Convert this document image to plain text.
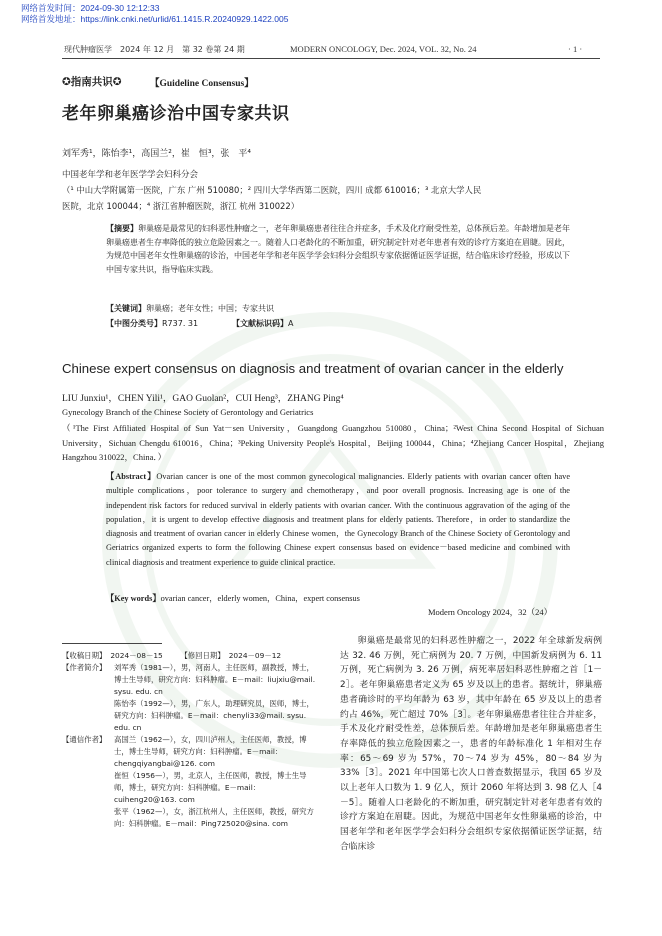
网络首发时间：2024-09-30 12:12:33
网络首发地址：https://link.cnki.net/urlid/61.1415.R.20240929.1422.005
现代肿瘤医学　2024 年 12 月　第 32 卷第 24 期	MODERN ONCOLOGY, Dec. 2024, VOL. 32, No. 24	· 1 ·
✪指南共识✪	【Guideline Consensus】
老年卵巢癌诊治中国专家共识
刘军秀¹，陈怡李¹，高国兰²，崔　恒³，张　平⁴
中国老年学和老年医学学会妇科分会
（¹ 中山大学附属第一医院，广东 广州 510080；² 四川大学华西第二医院，四川 成都 610016；³ 北京大学人民
医院，北京 100044；⁴ 浙江省肿瘤医院，浙江 杭州 310022）
【摘要】卵巢癌是最常见的妇科恶性肿瘤之一，老年卵巢癌患者往往合并症多，手术及化疗耐受性差，总体预后差。年龄增加是老年卵巢癌患者生存率降低的独立危险因素之一。随着人口老龄化的不断加重，研究制定针对老年患者有效的诊疗方案迫在眉睫。因此，为规范中国老年女性卵巢癌的诊治，中国老年学和老年医学学会妇科分会组织专家依据循证医学证据，结合临床诊疗经验，形成以下中国专家共识，指导临床实践。
【关键词】卵巢癌；老年女性；中国；专家共识
【中图分类号】R737. 31	【文献标识码】A
Chinese expert consensus on diagnosis and treatment of ovarian cancer in the elderly
LIU Junxiu¹，CHEN Yili¹，GAO Guolan²，CUI Heng³，ZHANG Ping⁴
Gynecology Branch of the Chinese Society of Gerontology and Geriatrics
（¹The First Affiliated Hospital of Sun Yat－sen University，Guangdong Guangzhou 510080，China；²West China Second Hospital of Sichuan University，Sichuan Chengdu 610016，China；³Peking University People's Hospital，Beijing 100044，China；⁴Zhejiang Cancer Hospital，Zhejiang Hangzhou 310022，China．）
【Abstract】Ovarian cancer is one of the most common gynecological malignancies. Elderly patients with ovarian cancer often have multiple complications，poor tolerance to surgery and chemotherapy，and poor overall prognosis. Increasing age is one of the independent risk factors for reduced survival in elderly patients with ovarian cancer. With the continuous aggravation of the aging of the population，it is urgent to develop effective diagnosis and treatment plans for elderly patients. Therefore，in order to standardize the diagnosis and treatment of ovarian cancer in elderly Chinese women，the Gynecology Branch of the Chinese Society of Gerontology and Geriatrics organized experts to form the following Chinese expert consensus based on evidence－based medicine and combined with clinical diagnosis and treatment experience to guide clinical practice.
【Key words】ovarian cancer，elderly women，China，expert consensus
Modern Oncology 2024，32（24）
【收稿日期】 2024－08－15	【修回日期】 2024－09－12
【作者简介】	刘军秀（1981—），男，河南人，主任医师，副教授，博士，博士生导师，研究方向：妇科肿瘤。E－mail：liujxiu@mail. sysu. edu. cn
陈怡李（1992—），男，广东人，助理研究员，医师，博士，研究方向：妇科肿瘤。E－mail：chenyli33@mail. sysu. edu. cn
【通信作者】	高国兰（1962—），女，四川泸州人，主任医师，教授，博士，博士生导师，研究方向：妇科肿瘤。E－mail：chengqiyangbai@126. com
崔恒（1956—），男，北京人，主任医师，教授，博士生导师，博士，研究方向：妇科肿瘤。E－mail：cuiheng20@163. com
张平（1962—），女，浙江杭州人，主任医师，教授，研究方向：妇科肿瘤。E－mail：Ping725020@sina. com
卵巢癌是最常见的妇科恶性肿瘤之一，2022 年全球新发病例达 32. 46 万例，死亡病例为 20. 7 万例，中国新发病例为 6. 11 万例，死亡病例为 3. 26 万例，病死率居妇科恶性肿瘤之首［1－2］。老年卵巢癌患者定义为 65 岁及以上的患者。据统计，卵巢癌患者确诊时的平均年龄为 63 岁，其中年龄在 65 岁及以上的患者约占 46%，死亡超过 70%［3］。老年卵巢癌患者往往合并症多，手术及化疗耐受性差，总体预后差。年龄增加是老年卵巢癌患者生存率降低的独立危险因素之一，患者的年龄标准化 1 年相对生存率：65～69 岁为 57%，70～74 岁为 45%，80～84 岁为 33%［3］。2021 年中国第七次人口普查数据显示，我国 65 岁及以上老年人口数为 1. 9 亿人，预计 2060 年将达到 3. 98 亿人［4－5］。随着人口老龄化的不断加重，研究制定针对老年患者有效的诊疗方案迫在眉睫。因此，为规范中国老年女性卵巢癌的诊治，中国老年学和老年医学学会妇科分会组织专家依据循证医学证据，结合临床诊
